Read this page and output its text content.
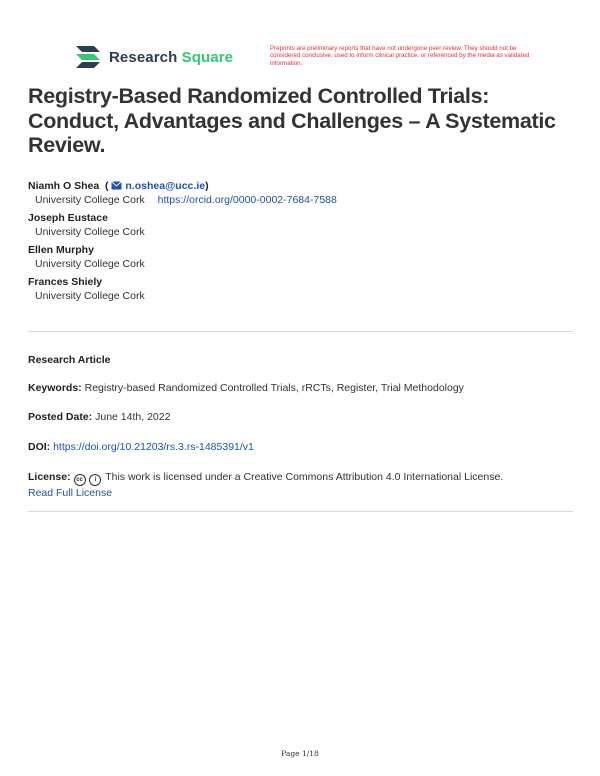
Research Square	Preprints are preliminary reports that have not undergone peer review. They should not be considered conclusive, used to inform clinical practice, or referenced by the media as validated information.
Registry-Based Randomized Controlled Trials: Conduct, Advantages and Challenges – A Systematic Review.
Niamh O Shea  ( n.oshea@ucc.ie)
University College Cork https://orcid.org/0000-0002-7684-7588
Joseph Eustace
University College Cork
Ellen Murphy
University College Cork
Frances Shiely
University College Cork
Research Article
Keywords: Registry-based Randomized Controlled Trials, rRCTs, Register, Trial Methodology
Posted Date: June 14th, 2022
DOI: https://doi.org/10.21203/rs.3.rs-1485391/v1
License: cc i This work is licensed under a Creative Commons Attribution 4.0 International License.
Read Full License
Page 1/18
